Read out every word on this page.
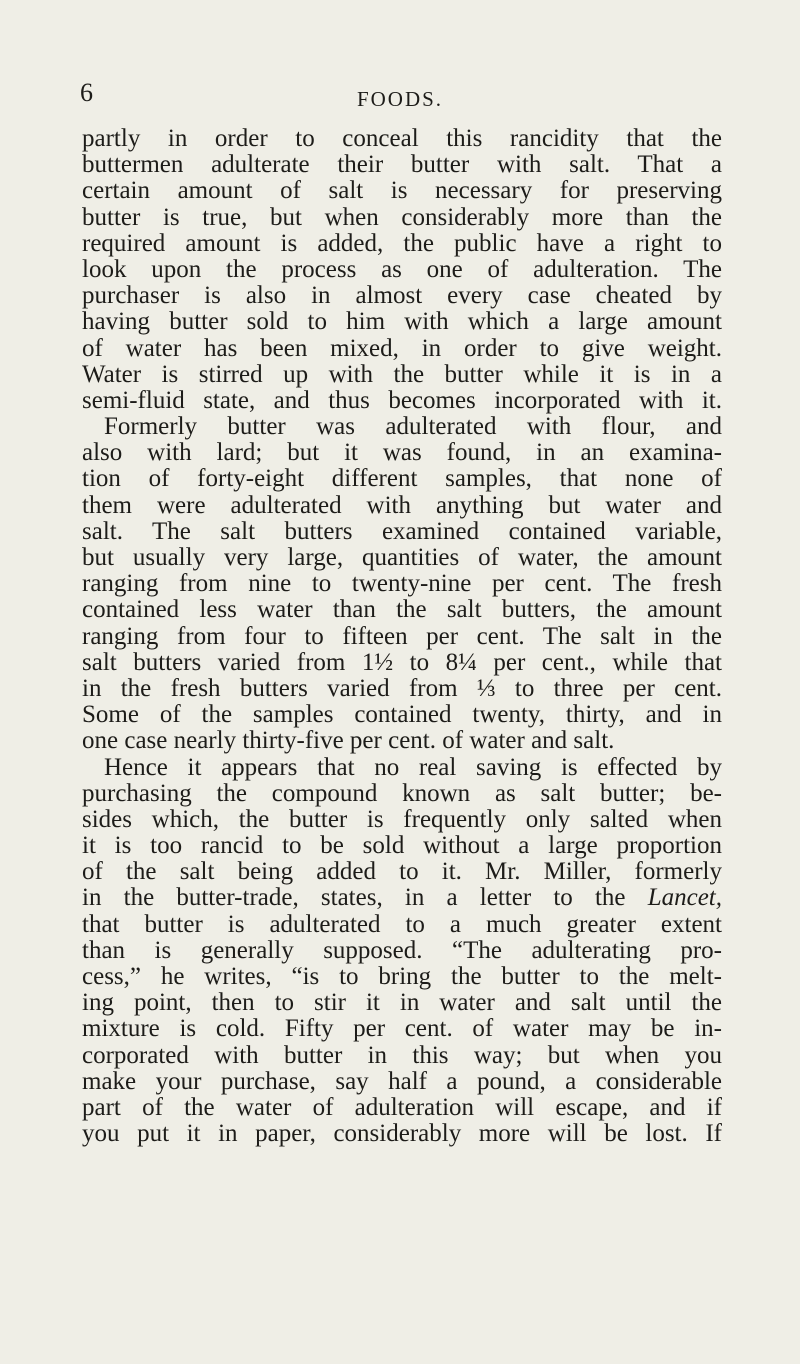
6	FOODS.
partly in order to conceal this rancidity that the
buttermen adulterate their butter with salt. That a
certain amount of salt is necessary for preserving
butter is true, but when considerably more than the
required amount is added, the public have a right to
look upon the process as one of adulteration. The
purchaser is also in almost every case cheated by
having butter sold to him with which a large amount
of water has been mixed, in order to give weight.
Water is stirred up with the butter while it is in a
semi-fluid state, and thus becomes incorporated with it.
Formerly butter was adulterated with flour, and
also with lard; but it was found, in an examina-
tion of forty-eight different samples, that none of
them were adulterated with anything but water and
salt. The salt butters examined contained variable,
but usually very large, quantities of water, the amount
ranging from nine to twenty-nine per cent. The fresh
contained less water than the salt butters, the amount
ranging from four to fifteen per cent. The salt in the
salt butters varied from 1½ to 8¼ per cent., while that
in the fresh butters varied from ⅓ to three per cent.
Some of the samples contained twenty, thirty, and in
one case nearly thirty-five per cent. of water and salt.
Hence it appears that no real saving is effected by
purchasing the compound known as salt butter; be-
sides which, the butter is frequently only salted when
it is too rancid to be sold without a large proportion
of the salt being added to it. Mr. Miller, formerly
in the butter-trade, states, in a letter to the Lancet,
that butter is adulterated to a much greater extent
than is generally supposed. “The adulterating pro-
cess,” he writes, “is to bring the butter to the melt-
ing point, then to stir it in water and salt until the
mixture is cold. Fifty per cent. of water may be in-
corporated with butter in this way; but when you
make your purchase, say half a pound, a considerable
part of the water of adulteration will escape, and if
you put it in paper, considerably more will be lost. If
